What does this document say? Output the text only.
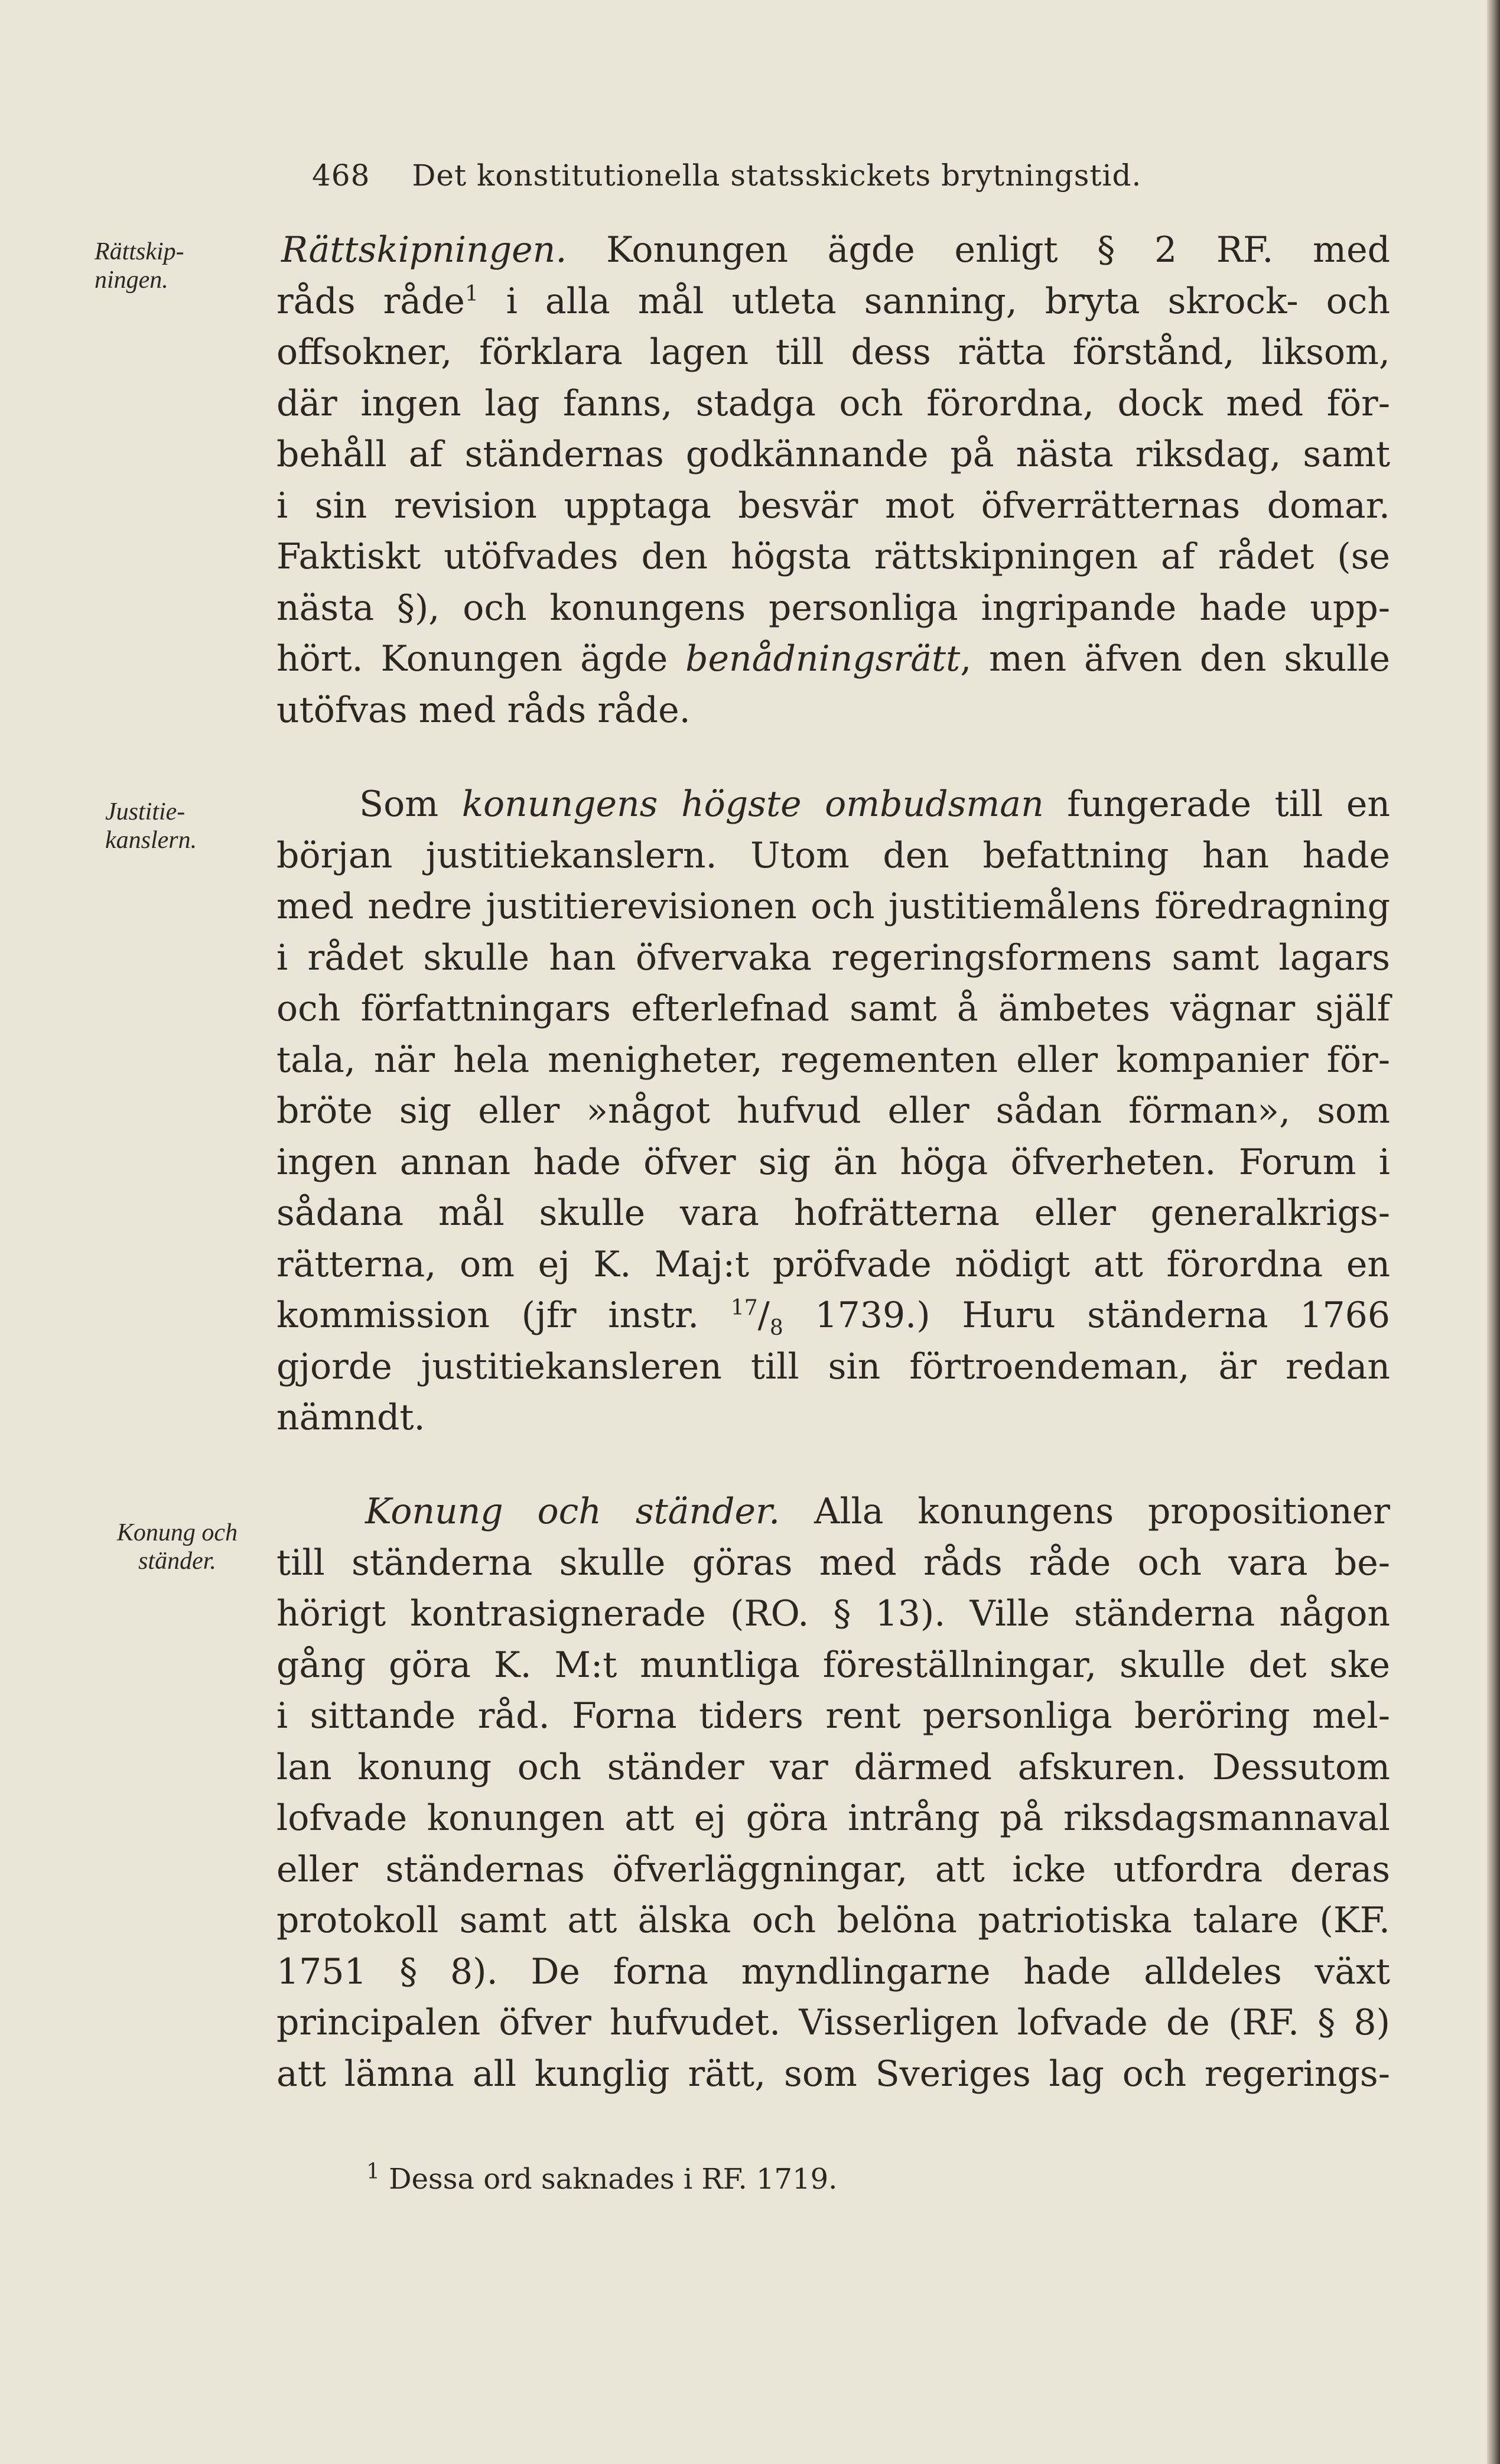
468 Det konstitutionella statsskickets brytningstid.
Rättskip-
ningen.
Justitie-
kanslern.
Konung och
ständer.
Rättskipningen. Konungen ägde enligt § 2 RF. med
råds råde$^1$ i alla mål utleta sanning, bryta skrock- och
offsokner, förklara lagen till dess rätta förstånd, liksom,
där ingen lag fanns, stadga och förordna, dock med för-
behåll af ständernas godkännande på nästa riksdag, samt
i sin revision upptaga besvär mot öfverrätternas domar.
Faktiskt utöfvades den högsta rättskipningen af rådet (se
nästa §), och konungens personliga ingripande hade upp-
hört. Konungen ägde benådningsrätt, men äfven den skulle
utöfvas med råds råde.
Som konungens högste ombudsman fungerade till en
början justitiekanslern. Utom den befattning han hade
med nedre justitierevisionen och justitiemålens föredragning
i rådet skulle han öfvervaka regeringsformens samt lagars
och författningars efterlefnad samt å ämbetes vägnar själf
tala, när hela menigheter, regementen eller kompanier för-
bröte sig eller »något hufvud eller sådan förman», som
ingen annan hade öfver sig än höga öfverheten. Forum i
sådana mål skulle vara hofrätterna eller generalkrigs-
rätterna, om ej K. Maj:t pröfvade nödigt att förordna en
kommission (jfr instr. $^{17}/_8$ 1739.) Huru ständerna 1766
gjorde justitiekansleren till sin förtroendeman, är redan
nämndt.
Konung och ständer. Alla konungens propositioner
till ständerna skulle göras med råds råde och vara be-
hörigt kontrasignerade (RO. § 13). Ville ständerna någon
gång göra K. M:t muntliga föreställningar, skulle det ske
i sittande råd. Forna tiders rent personliga beröring mel-
lan konung och ständer var därmed afskuren. Dessutom
lofvade konungen att ej göra intrång på riksdagsmannaval
eller ständernas öfverläggningar, att icke utfordra deras
protokoll samt att älska och belöna patriotiska talare (KF.
1751 § 8). De forna myndlingarne hade alldeles växt
principalen öfver hufvudet. Visserligen lofvade de (RF. § 8)
att lämna all kunglig rätt, som Sveriges lag och regerings-
$^1$ Dessa ord saknades i RF. 1719.
